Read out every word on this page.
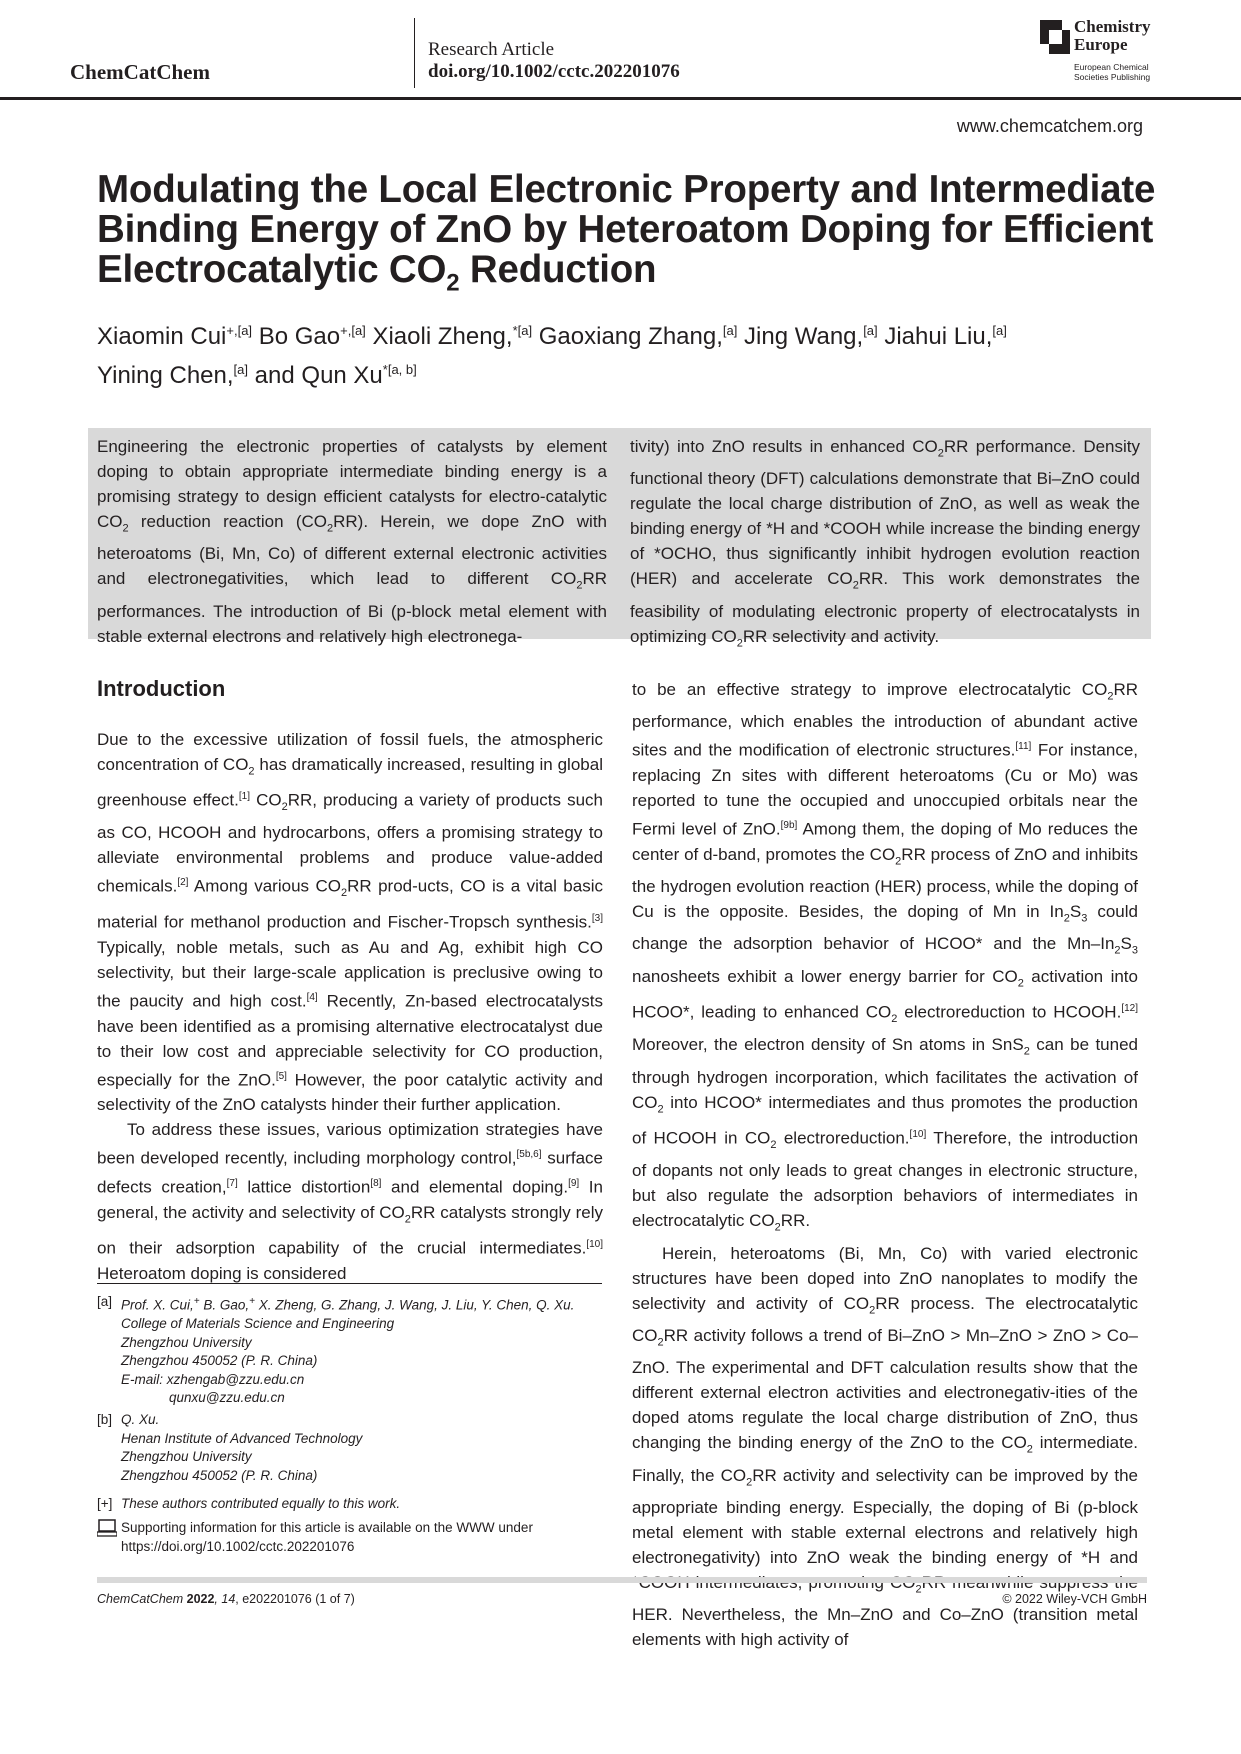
ChemCatChem
Research Article
doi.org/10.1002/cctc.202201076
Chemistry
Europe
European Chemical
Societies Publishing
www.chemcatchem.org
Modulating the Local Electronic Property and Intermediate
Binding Energy of ZnO by Heteroatom Doping for Efficient
Electrocatalytic $CO_2$ Reduction
Xiaomin Cui$^{+,[a]}$ Bo Gao$^{+,[a]}$ Xiaoli Zheng,$^{*[a]}$ Gaoxiang Zhang,[a] Jing Wang,[a] Jiahui Liu,[a]
Yining Chen,[a] and Qun $Xu^{*[a, b]}$
Engineering the electronic properties of catalysts by element doping to obtain appropriate intermediate binding energy is a promising strategy to design efficient catalysts for electro-catalytic $CO_2$ reduction reaction $(CO_2RR)$. Herein, we dope ZnO with heteroatoms (Bi, Mn, Co) of different external electronic activities and electronegativities, which lead to different $CO_2RR$ performances. The introduction of Bi (p-block metal element with stable external electrons and relatively high electronega-
tivity) into ZnO results in enhanced $CO_2RR$ performance. Density functional theory (DFT) calculations demonstrate that Bi–ZnO could regulate the local charge distribution of ZnO, as well as weak the binding energy of *H and *COOH while increase the binding energy of *OCHO, thus significantly inhibit hydrogen evolution reaction (HER) and accelerate $CO_2RR$. This work demonstrates the feasibility of modulating electronic property of electrocatalysts in optimizing $CO_2RR$ selectivity and activity.
Introduction

Due to the excessive utilization of fossil fuels, the atmospheric concentration of $CO_2$ has dramatically increased, resulting in global greenhouse effect.[1] $CO_2RR$, producing a variety of products such as CO, HCOOH and hydrocarbons, offers a promising strategy to alleviate environmental problems and produce value-added chemicals.[2] Among various $CO_2RR$ prod-ucts, CO is a vital basic material for methanol production and Fischer-Tropsch synthesis.[3] Typically, noble metals, such as Au and Ag, exhibit high CO selectivity, but their large-scale application is preclusive owing to the paucity and high cost.[4] Recently, Zn-based electrocatalysts have been identified as a promising alternative electrocatalyst due to their low cost and appreciable selectivity for CO production, especially for the ZnO.[5] However, the poor catalytic activity and selectivity of the ZnO catalysts hinder their further application.

To address these issues, various optimization strategies have been developed recently, including morphology control,[5b,6] surface defects creation,[7] lattice distortion[8] and elemental doping.[9] In general, the activity and selectivity of $CO_2RR$ catalysts strongly rely on their adsorption capability of the crucial intermediates.[10] Heteroatom doping is considered

to be an effective strategy to improve electrocatalytic $CO_2RR$ performance, which enables the introduction of abundant active sites and the modification of electronic structures.[11] For instance, replacing Zn sites with different heteroatoms (Cu or Mo) was reported to tune the occupied and unoccupied orbitals near the Fermi level of ZnO.[9b] Among them, the doping of Mo reduces the center of d-band, promotes the $CO_2RR$ process of ZnO and inhibits the hydrogen evolution reaction (HER) process, while the doping of Cu is the opposite. Besides, the doping of Mn in $In_2S_3$ could change the adsorption behavior of HCOO* and the $Mn-In_2S_3$ nanosheets exhibit a lower energy barrier for $CO_2$ activation into HCOO*, leading to enhanced $CO_2$ electroreduction to HCOOH.[12] Moreover, the electron density of Sn atoms in SnS$_2$ can be tuned through hydrogen incorporation, which facilitates the activation of $CO_2$ into HCOO* intermediates and thus promotes the production of HCOOH in $CO_2$ electroreduction.[10] Therefore, the introduction of dopants not only leads to great changes in electronic structure, but also regulate the adsorption behaviors of intermediates in electrocatalytic $CO_2RR$.

Herein, heteroatoms (Bi, Mn, Co) with varied electronic structures have been doped into ZnO nanoplates to modify the selectivity and activity of $CO_2RR$ process. The electrocatalytic $CO_2RR$ activity follows a trend of Bi–ZnO > Mn–ZnO > ZnO > Co–ZnO. The experimental and DFT calculation results show that the different external electron activities and electronegativ-ities of the doped atoms regulate the local charge distribution of ZnO, thus changing the binding energy of the ZnO to the $CO_2$ intermediate. Finally, the $CO_2RR$ activity and selectivity can be improved by the appropriate binding energy. Especially, the doping of Bi (p-block metal element with stable external electrons and relatively high electronegativity) into ZnO weak the binding energy of *H and $_2$ HER. Nevertheless, the Mn–ZnO and Co–ZnO (transition metal elements with high activity of

[a] Prof. X. Cui,+ B. Gao,+ X. Zheng, G. Zhang, J. Wang, J. Liu, Y. Chen, Q. Xu.
College of Materials Science and Engineering
Zhengzhou University
Zhengzhou 450052 (P. R. China)
E-mail: xzhengab@zzu.edu.cn
qunxu@zzu.edu.cn
[b] Q. Xu.
Henan Institute of Advanced Technology
Zhengzhou University
Zhengzhou 450052 (P. R. China)
[+] These authors contributed equally to this work.
Supporting information for this article is available on the WWW under
https://doi.org/10.1002/cctc.202201076
ChemCatChem 2022, 14, e202201076 (1 of 7)	© 2022 Wiley-VCH GmbH
